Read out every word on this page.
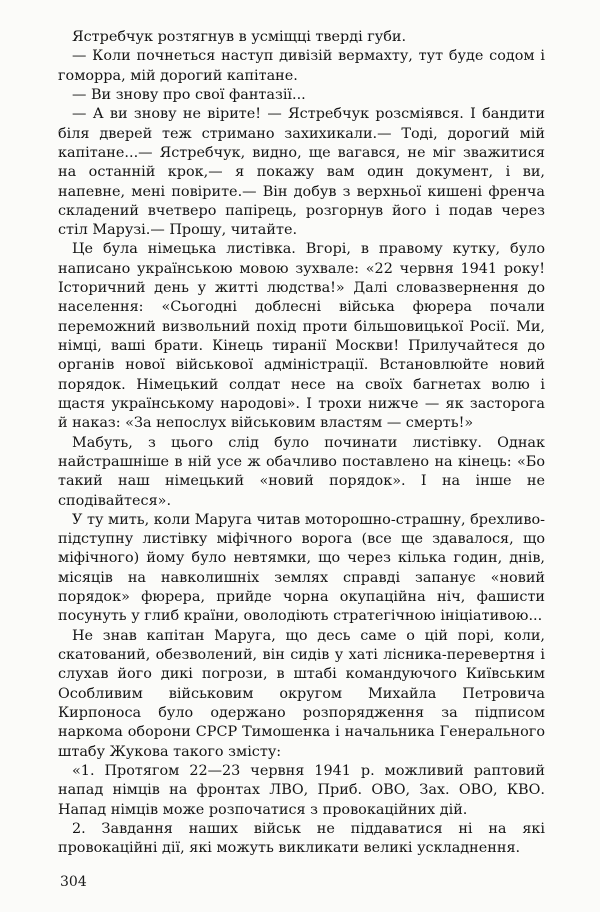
Ястребчук розтягнув в усміщці тверді губи.

— Коли почнеться наступ дивізій вермахту, тут буде содом і гоморра, мій дорогий капітане.

— Ви знову про свої фантазії...

— А ви знову не вірите! — Ястребчук розсміявся. І бандити біля дверей теж стримано захихикали.— Тоді, дорогий мій капітане...— Ястребчук, видно, ще вагався, не міг зважитися на останній крок,— я покажу вам один документ, і ви, напевне, мені повірите.— Він добув з верхньої кишені френча складений вчетверо папірець, розгорнув його і подав через стіл Марузі.— Прошу, читайте.

Це була німецька листівка. Вгорі, в правому кутку, було написано українською мовою зухвале: «22 червня 1941 року! Історичний день у житті людства!» Далі словазвернення до населення: «Сьогодні доблесні війська фюрера почали переможний визвольний похід проти більшовицької Росії. Ми, німці, ваші брати. Кінець тиранії Москви! Прилучайтеся до органів нової військової адміністрації. Встановлюйте новий порядок. Німецький солдат несе на своїх багнетах волю і щастя українському народові». І трохи нижче — як засторога й наказ: «За непослух військовим властям — смерть!»

Мабуть, з цього слід було починати листівку. Однак найстрашніше в ній усе ж обачливо поставлено на кінець: «Бо такий наш німецький «новий порядок». І на інше не сподівайтеся».

У ту мить, коли Маруга читав моторошно-страшну, брехливо-підступну листівку міфічного ворога (все ще здавалося, що міфічного) йому було невтямки, що через кілька годин, днів, місяців на навколишніх землях справді запанує «новий порядок» фюрера, прийде чорна окупаційна ніч, фашисти посунуть у глиб країни, оволодіють стратегічною ініціативою...

Не знав капітан Маруга, що десь саме о цій порі, коли, скатований, обезволений, він сидів у хаті лісника-перевертня і слухав його дикі погрози, в штабі командуючого Київським Особливим військовим округом Михайла Петровича Кирпоноса було одержано розпорядження за підписом наркома оборони СРСР Тимошенка і начальника Генерального штабу Жукова такого змісту:

«1. Протягом 22—23 червня 1941 р. можливий раптовий напад німців на фронтах ЛВО, Приб. ОВО, Зах. ОВО, КВО. Напад німців може розпочатися з провокаційних дій.

2. Завдання наших військ не піддаватися ні на які провокаційні дії, які можуть викликати великі ускладнення.

304
